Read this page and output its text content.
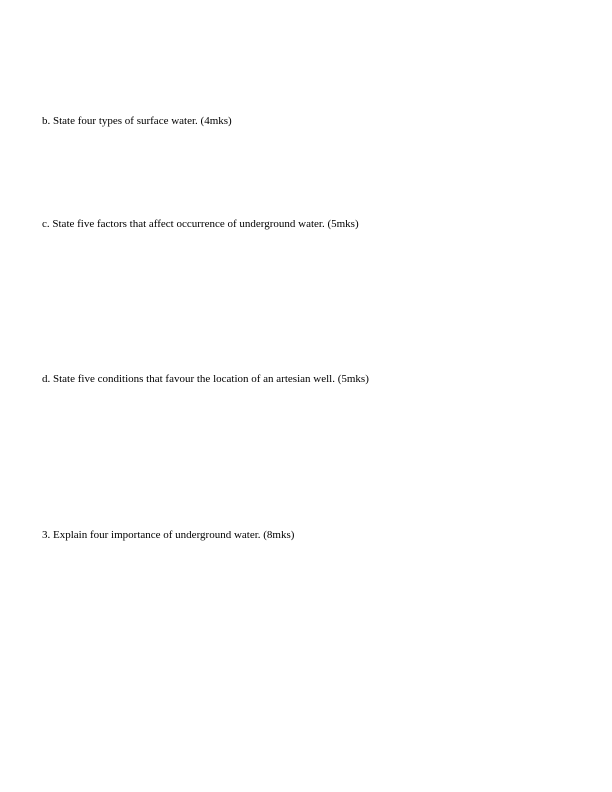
b. State four types of surface water. (4mks)

c. State five factors that affect occurrence of underground water. (5mks)

d. State five conditions that favour the location of an artesian well. (5mks)

3. Explain four importance of underground water. (8mks)
